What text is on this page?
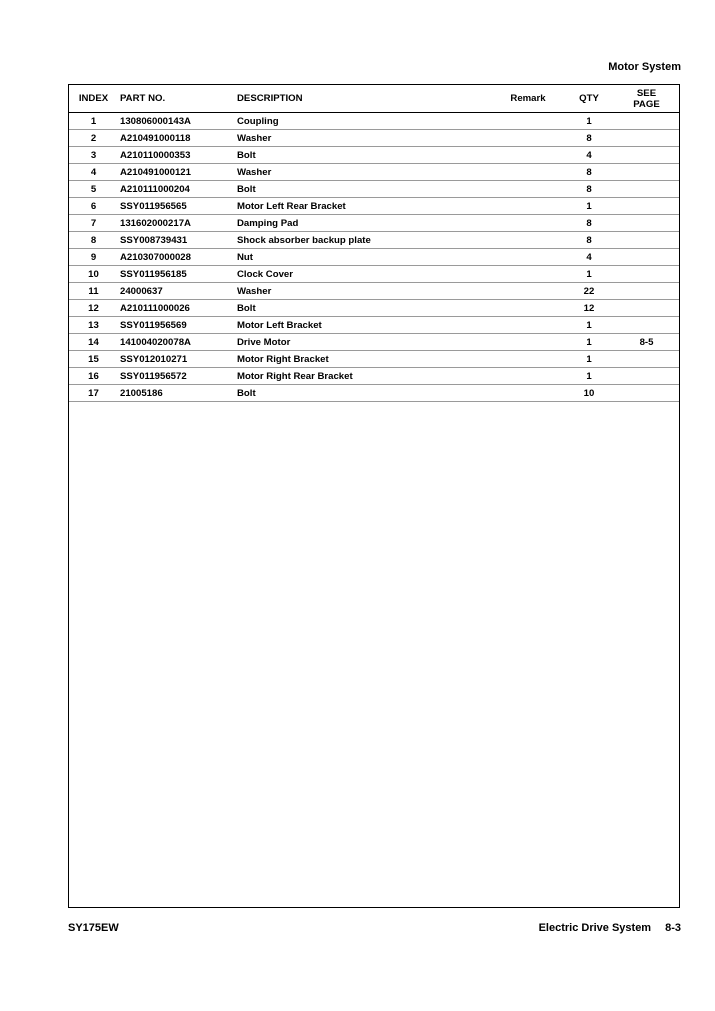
Motor System
INDEX	PART NO.	DESCRIPTION	Remark	QTY	SEE
PAGE
1	130806000143A	Coupling		1	
2	A210491000118	Washer		8	
3	A210110000353	Bolt		4	
4	A210491000121	Washer		8	
5	A210111000204	Bolt		8	
6	SSY011956565	Motor Left Rear Bracket		1	
7	131602000217A	Damping Pad		8	
8	SSY008739431	Shock absorber backup plate		8	
9	A210307000028	Nut		4	
10	SSY011956185	Clock Cover		1	
11	24000637	Washer		22	
12	A210111000026	Bolt		12	
13	SSY011956569	Motor Left Bracket		1	
14	141004020078A	Drive Motor		1	8-5
15	SSY012010271	Motor Right Bracket		1	
16	SSY011956572	Motor Right Rear Bracket		1	
17	21005186	Bolt		10	
SY175EW	Electric Drive System 8-3
